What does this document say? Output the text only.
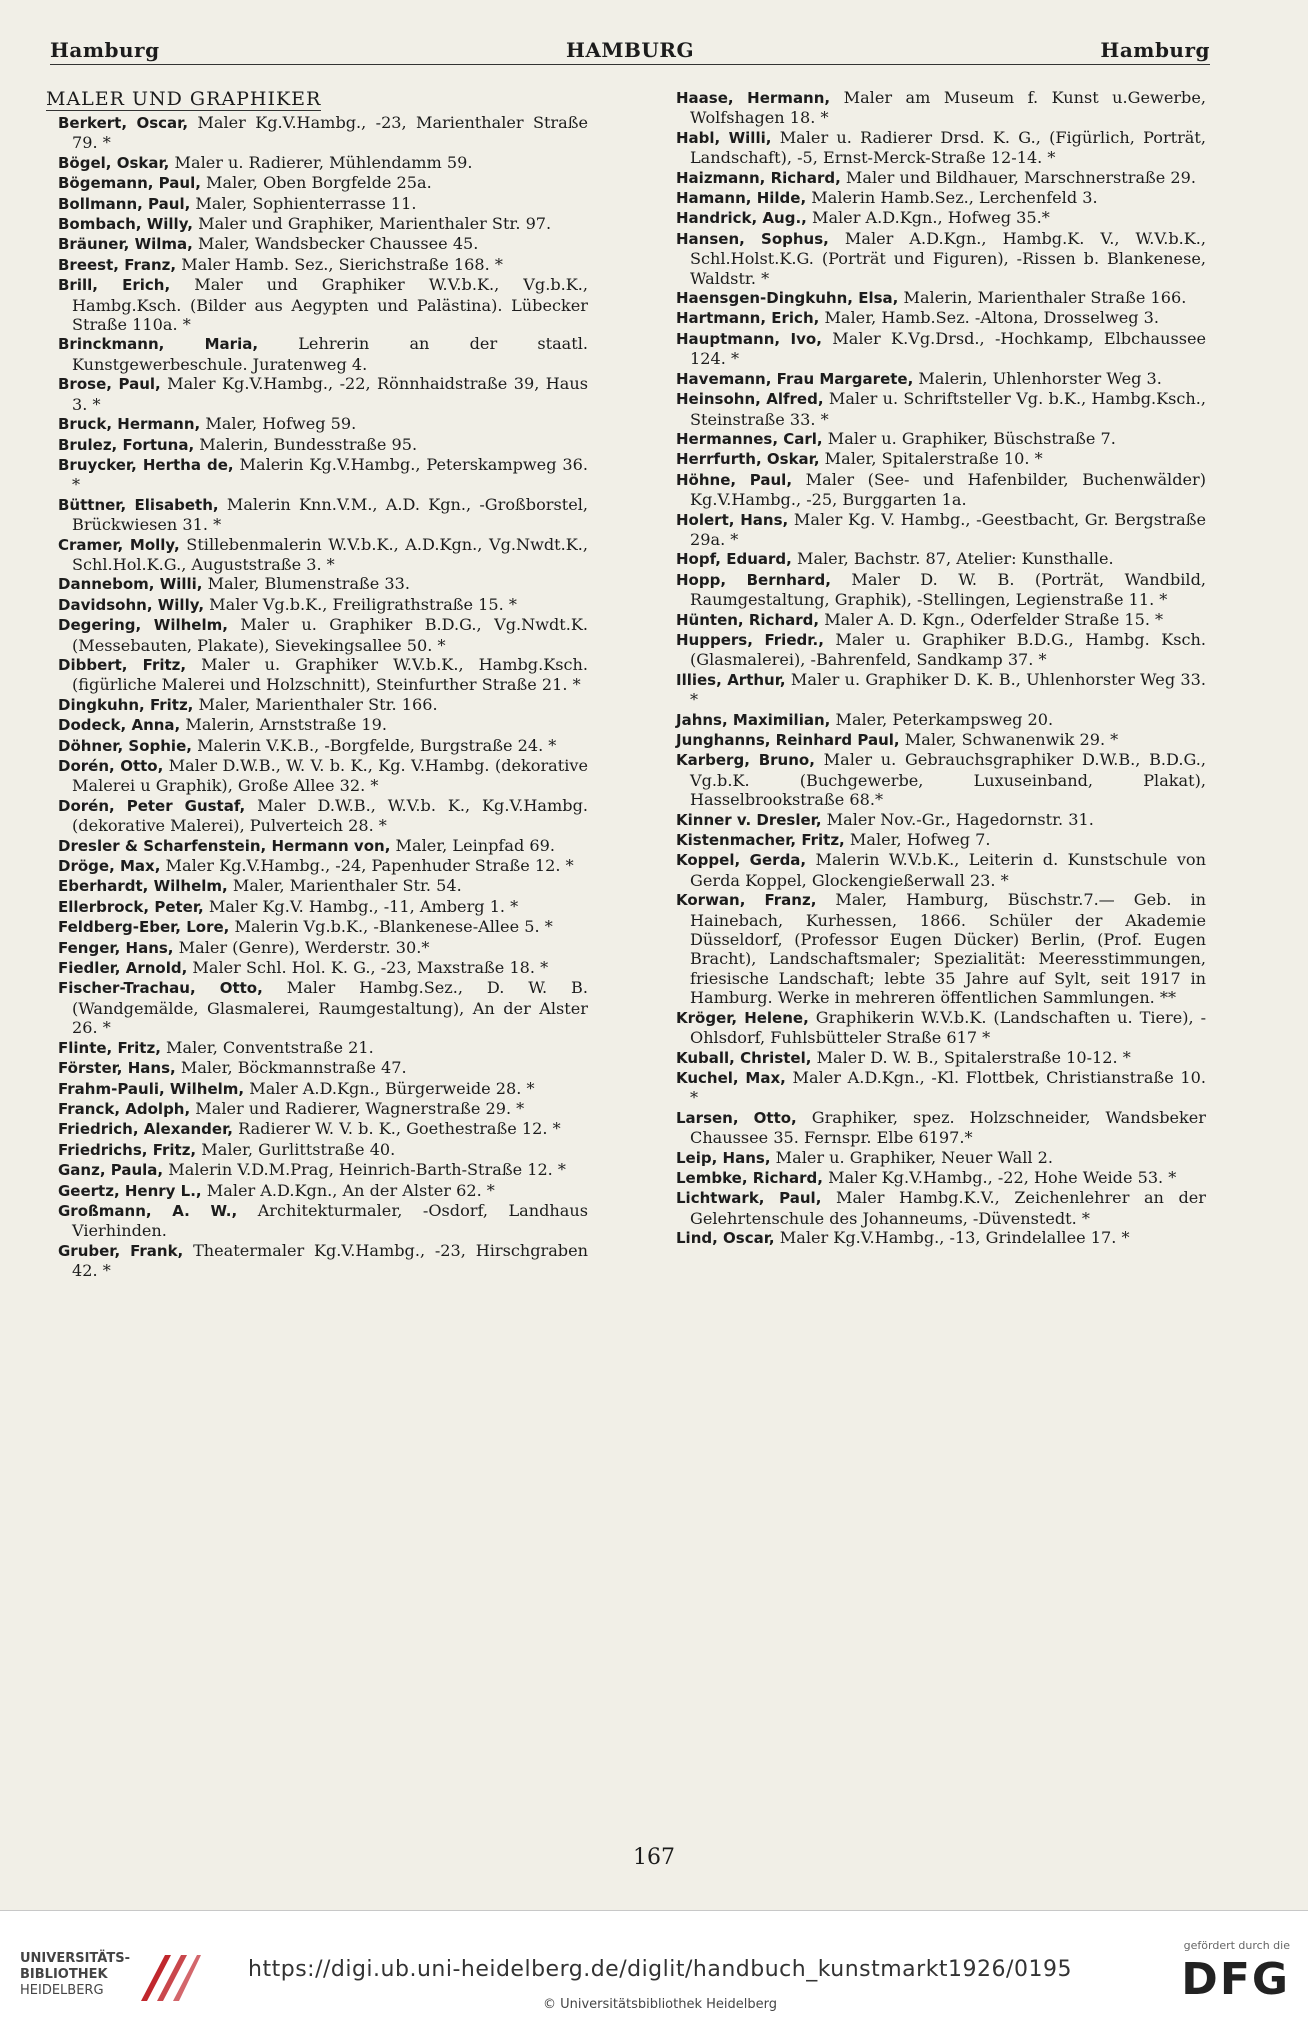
Hamburg	HAMBURG	Hamburg
MALER UND GRAPHIKER

Berkert, Oscar, Maler Kg.V.Hambg., -23, Marienthaler Straße 79. *

Bögel, Oskar, Maler u. Radierer, Mühlendamm 59.

Bögemann, Paul, Maler, Oben Borgfelde 25a.

Bollmann, Paul, Maler, Sophienterrasse 11.

Bombach, Willy, Maler und Graphiker, Marienthaler Str. 97.

Bräuner, Wilma, Maler, Wandsbecker Chaussee 45.

Breest, Franz, Maler Hamb. Sez., Sierichstraße 168. *

Brill, Erich, Maler und Graphiker W.V.b.K., Vg.b.K., Hambg.Ksch. (Bilder aus Aegypten und Palästina). Lübecker Straße 110a. *

Brinckmann, Maria, Lehrerin an der staatl. Kunstgewerbeschule. Juratenweg 4.

Brose, Paul, Maler Kg.V.Hambg., -22, Rönnhaidstraße 39, Haus 3. *

Bruck, Hermann, Maler, Hofweg 59.

Brulez, Fortuna, Malerin, Bundesstraße 95.

Bruycker, Hertha de, Malerin Kg.V.Hambg., Peterskampweg 36. *

Büttner, Elisabeth, Malerin Knn.V.M., A.D. Kgn., -Großborstel, Brückwiesen 31. *

Cramer, Molly, Stillebenmalerin W.V.b.K., A.D.Kgn., Vg.Nwdt.K., Schl.Hol.K.G., Auguststraße 3. *

Dannebom, Willi, Maler, Blumenstraße 33.

Davidsohn, Willy, Maler Vg.b.K., Freiligrathstraße 15. *

Degering, Wilhelm, Maler u. Graphiker B.D.G., Vg.Nwdt.K. (Messebauten, Plakate), Sievekingsallee 50. *

Dibbert, Fritz, Maler u. Graphiker W.V.b.K., Hambg.Ksch. (figürliche Malerei und Holzschnitt), Steinfurther Straße 21. *

Dingkuhn, Fritz, Maler, Marienthaler Str. 166.

Dodeck, Anna, Malerin, Arnststraße 19.

Döhner, Sophie, Malerin V.K.B., -Borgfelde, Burgstraße 24. *

Dorén, Otto, Maler D.W.B., W. V. b. K., Kg. V.Hambg. (dekorative Malerei u Graphik), Große Allee 32. *

Dorén, Peter Gustaf, Maler D.W.B., W.V.b. K., Kg.V.Hambg. (dekorative Malerei), Pulverteich 28. *

Dresler & Scharfenstein, Hermann von, Maler, Leinpfad 69.

Dröge, Max, Maler Kg.V.Hambg., -24, Papenhuder Straße 12. *

Eberhardt, Wilhelm, Maler, Marienthaler Str. 54.

Ellerbrock, Peter, Maler Kg.V. Hambg., -11, Amberg 1. *

Feldberg-Eber, Lore, Malerin Vg.b.K., -Blankenese-Allee 5. *

Fenger, Hans, Maler (Genre), Werderstr. 30.*

Fiedler, Arnold, Maler Schl. Hol. K. G., -23, Maxstraße 18. *

Fischer-Trachau, Otto, Maler Hambg.Sez., D. W. B. (Wandgemälde, Glasmalerei, Raumgestaltung), An der Alster 26. *

Flinte, Fritz, Maler, Conventstraße 21.

Förster, Hans, Maler, Böckmannstraße 47.

Frahm-Pauli, Wilhelm, Maler A.D.Kgn., Bürgerweide 28. *

Franck, Adolph, Maler und Radierer, Wagnerstraße 29. *

Friedrich, Alexander, Radierer W. V. b. K., Goethestraße 12. *

Friedrichs, Fritz, Maler, Gurlittstraße 40.

Ganz, Paula, Malerin V.D.M.Prag, Heinrich-Barth-Straße 12. *

Geertz, Henry L., Maler A.D.Kgn., An der Alster 62. *

Großmann, A. W., Architekturmaler, -Osdorf, Landhaus Vierhinden.

Gruber, Frank, Theatermaler Kg.V.Hambg., -23, Hirschgraben 42. *

Haase, Hermann, Maler am Museum f. Kunst u.Gewerbe, Wolfshagen 18. *

Habl, Willi, Maler u. Radierer Drsd. K. G., (Figürlich, Porträt, Landschaft), -5, Ernst-Merck-Straße 12-14. *

Haizmann, Richard, Maler und Bildhauer, Marschnerstraße 29.

Hamann, Hilde, Malerin Hamb.Sez., Lerchenfeld 3.

Handrick, Aug., Maler A.D.Kgn., Hofweg 35.*

Hansen, Sophus, Maler A.D.Kgn., Hambg.K. V., W.V.b.K., Schl.Holst.K.G. (Porträt und Figuren), -Rissen b. Blankenese, Waldstr. *

Haensgen-Dingkuhn, Elsa, Malerin, Marienthaler Straße 166.

Hartmann, Erich, Maler, Hamb.Sez. -Altona, Drosselweg 3.

Hauptmann, Ivo, Maler K.Vg.Drsd., -Hochkamp, Elbchaussee 124. *

Havemann, Frau Margarete, Malerin, Uhlenhorster Weg 3.

Heinsohn, Alfred, Maler u. Schriftsteller Vg. b.K., Hambg.Ksch., Steinstraße 33. *

Hermannes, Carl, Maler u. Graphiker, Büschstraße 7.

Herrfurth, Oskar, Maler, Spitalerstraße 10. *

Höhne, Paul, Maler (See- und Hafenbilder, Buchenwälder) Kg.V.Hambg., -25, Burggarten 1a.

Holert, Hans, Maler Kg. V. Hambg., -Geestbacht, Gr. Bergstraße 29a. *

Hopf, Eduard, Maler, Bachstr. 87, Atelier: Kunsthalle.

Hopp, Bernhard, Maler D. W. B. (Porträt, Wandbild, Raumgestaltung, Graphik), -Stellingen, Legienstraße 11. *

Hünten, Richard, Maler A. D. Kgn., Oderfelder Straße 15. *

Huppers, Friedr., Maler u. Graphiker B.D.G., Hambg. Ksch. (Glasmalerei), -Bahrenfeld, Sandkamp 37. *

Illies, Arthur, Maler u. Graphiker D. K. B., Uhlenhorster Weg 33. *

Jahns, Maximilian, Maler, Peterkampsweg 20.

Junghanns, Reinhard Paul, Maler, Schwanenwik 29. *

Karberg, Bruno, Maler u. Gebrauchsgraphiker D.W.B., B.D.G., Vg.b.K. (Buchgewerbe, Luxuseinband, Plakat), Hasselbrookstraße 68.*

Kinner v. Dresler, Maler Nov.-Gr., Hagedornstr. 31.

Kistenmacher, Fritz, Maler, Hofweg 7.

Koppel, Gerda, Malerin W.V.b.K., Leiterin d. Kunstschule von Gerda Koppel, Glockengießerwall 23. *

Korwan, Franz, Maler, Hamburg, Büschstr.7.— Geb. in Hainebach, Kurhessen, 1866. Schüler der Akademie Düsseldorf, (Professor Eugen Dücker) Berlin, (Prof. Eugen Bracht), Landschaftsmaler; Spezialität: Meeresstimmungen, friesische Landschaft; lebte 35 Jahre auf Sylt, seit 1917 in Hamburg. Werke in mehreren öffentlichen Sammlungen. **

Kröger, Helene, Graphikerin W.V.b.K. (Landschaften u. Tiere), -Ohlsdorf, Fuhlsbütteler Straße 617 *

Kuball, Christel, Maler D. W. B., Spitalerstraße 10-12. *

Kuchel, Max, Maler A.D.Kgn., -Kl. Flottbek, Christianstraße 10. *

Larsen, Otto, Graphiker, spez. Holzschneider, Wandsbeker Chaussee 35. Fernspr. Elbe 6197.*

Leip, Hans, Maler u. Graphiker, Neuer Wall 2.

Lembke, Richard, Maler Kg.V.Hambg., -22, Hohe Weide 53. *

Lichtwark, Paul, Maler Hambg.K.V., Zeichenlehrer an der Gelehrtenschule des Johanneums, -Düvenstedt. *

Lind, Oscar, Maler Kg.V.Hambg., -13, Grindelallee 17. *

167
UNIVERSITÄTS-
BIBLIOTHEK
HEIDELBERG
https://digi.ub.uni-heidelberg.de/diglit/handbuch_kunstmarkt1926/0195
© Universitätsbibliothek Heidelberg
gefördert durch die
DFG
